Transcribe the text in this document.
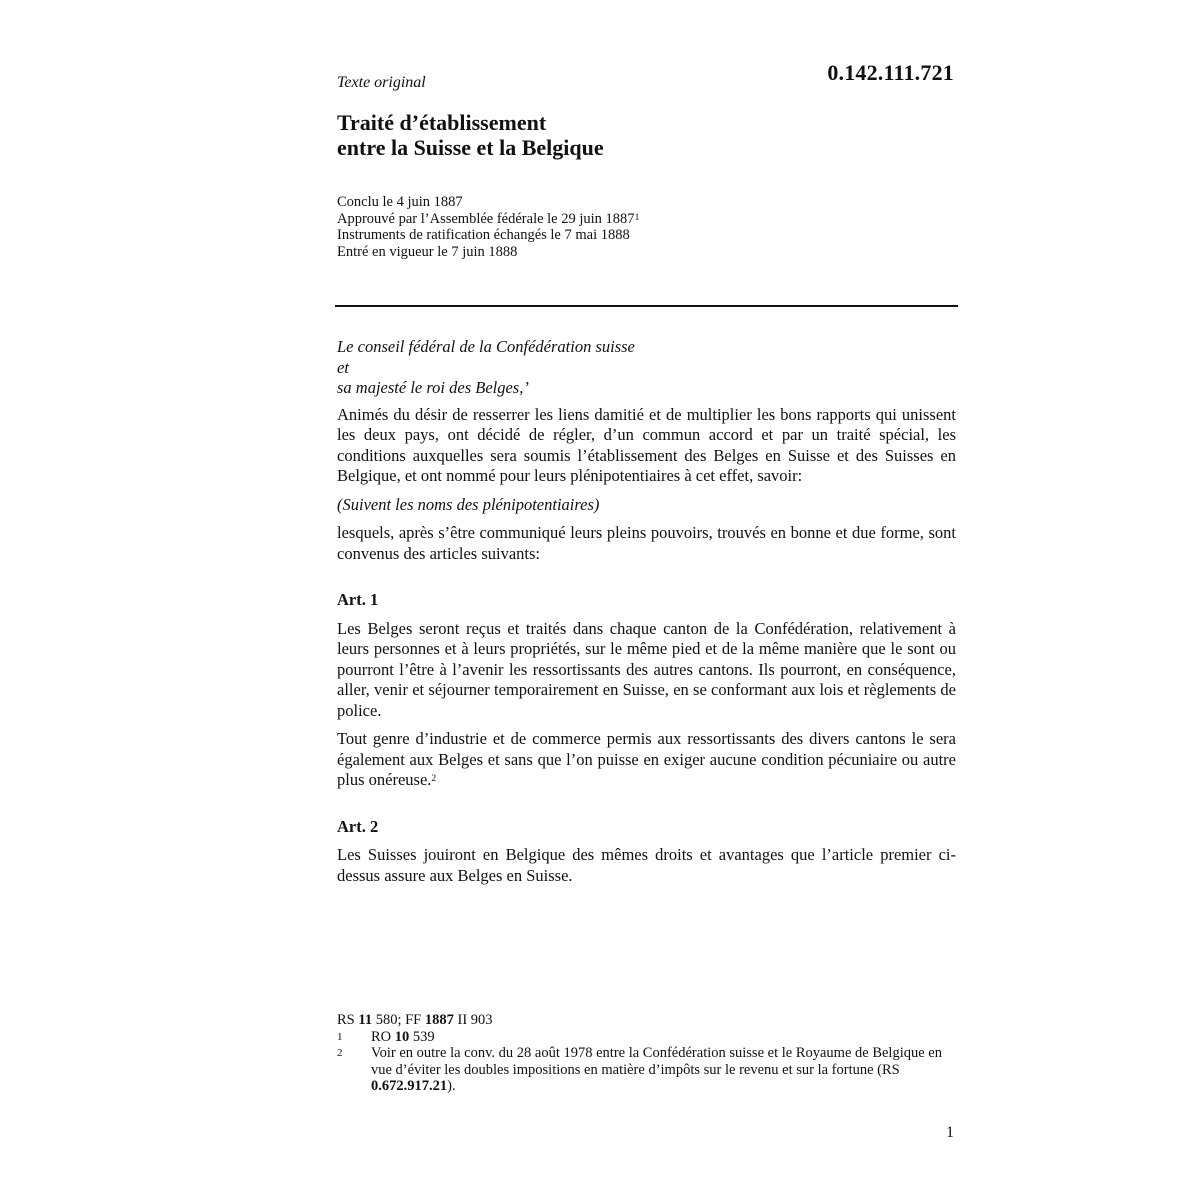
0.142.111.721
Texte original
Traité d’établissement
entre la Suisse et la Belgique
Conclu le 4 juin 1887
Approuvé par l’Assemblée fédérale le 29 juin 1887$^1$
Instruments de ratification échangés le 7 mai 1888
Entré en vigueur le 7 juin 1888
Le conseil fédéral de la Confédération suisse
et
sa majesté le roi des Belges,’

Animés du désir de resserrer les liens damitié et de multiplier les bons rapports qui unissent les deux pays, ont décidé de régler, d’un commun accord et par un traité spécial, les conditions auxquelles sera soumis l’établissement des Belges en Suisse et des Suisses en Belgique, et ont nommé pour leurs plénipotentiaires à cet effet, savoir:

(Suivent les noms des plénipotentiaires)

lesquels, après s’être communiqué leurs pleins pouvoirs, trouvés en bonne et due forme, sont convenus des articles suivants:

Art. 1

Les Belges seront reçus et traités dans chaque canton de la Confédération, relativement à leurs personnes et à leurs propriétés, sur le même pied et de la même manière que le sont ou pourront l’être à l’avenir les ressortissants des autres cantons. Ils pourront, en conséquence, aller, venir et séjourner temporairement en Suisse, en se conformant aux lois et règlements de police.

Tout genre d’industrie et de commerce permis aux ressortissants des divers cantons le sera également aux Belges et sans que l’on puisse en exiger aucune condition pécuniaire ou autre plus onéreuse.$^2$

Art. 2

Les Suisses jouiront en Belgique des mêmes droits et avantages que l’article premier ci-dessus assure aux Belges en Suisse.

RS 11 580; FF 1887 II 903
1	RO 10 539
2	Voir en outre la conv. du 28 août 1978 entre la Confédération suisse et le Royaume de Belgique en vue d’éviter les doubles impositions en matière d’impôts sur le revenu et sur la fortune (RS 0.672.917.21).
1
